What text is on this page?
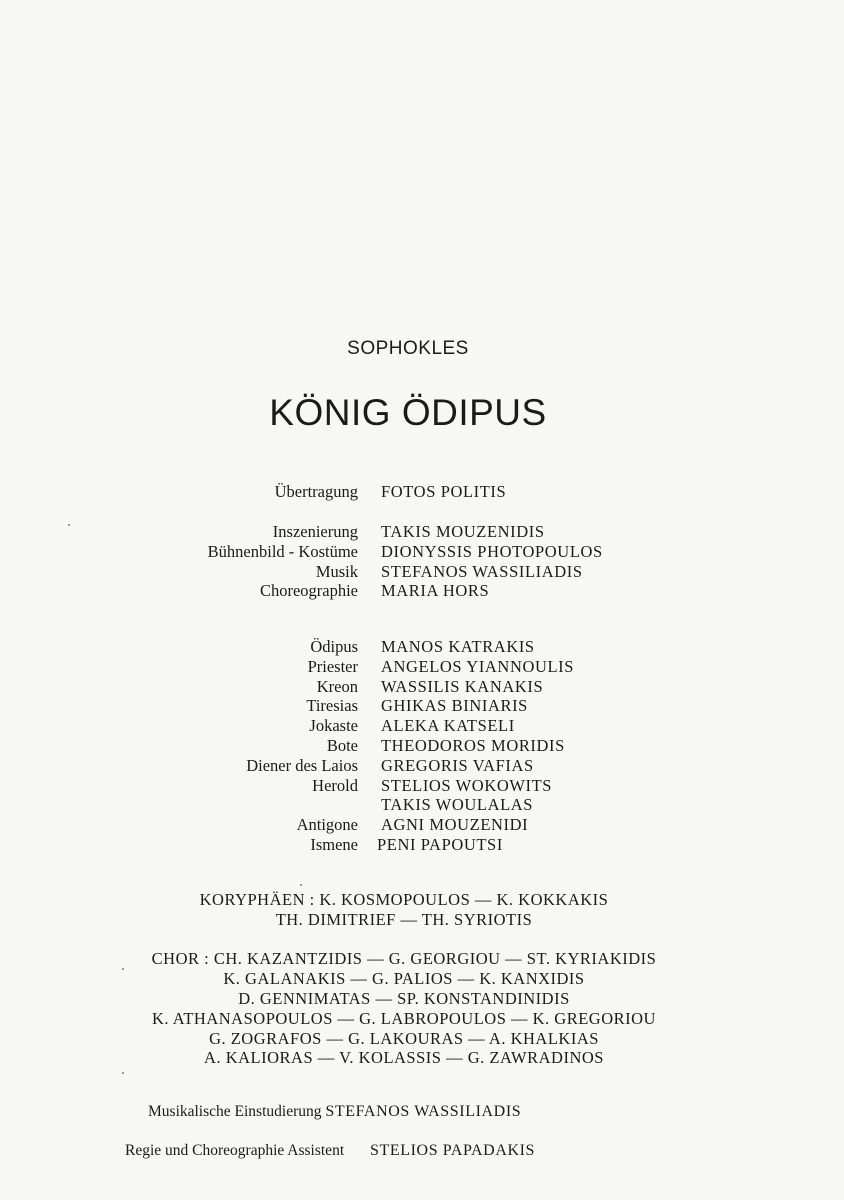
SOPHOKLES
KÖNIG ÖDIPUS
Übertragung FOTOS POLITIS
Inszenierung TAKIS MOUZENIDIS
Bühnenbild - Kostüme DIONYSSIS PHOTOPOULOS
Musik STEFANOS WASSILIADIS
Choreographie MARIA HORS
Ödipus MANOS KATRAKIS
Priester ANGELOS YIANNOULIS
Kreon WASSILIS KANAKIS
Tiresias GHIKAS BINIARIS
Jokaste ALEKA KATSELI
Bote THEODOROS MORIDIS
Diener des Laios GREGORIS VAFIAS
Herold STELIOS WOKOWITS
TAKIS WOULALAS
Antigone AGNI MOUZENIDI
Ismene PENI PAPOUTSI
KORYPHÄEN : K. KOSMOPOULOS — K. KOKKAKIS
TH. DIMITRIEF — TH. SYRIOTIS
CHOR : CH. KAZANTZIDIS — G. GEORGIOU — ST. KYRIAKIDIS
K. GALANAKIS — G. PALIOS — K. KANXIDIS
D. GENNIMATAS — SP. KONSTANDINIDIS
K. ATHANASOPOULOS — G. LABROPOULOS — K. GREGORIOU
G. ZOGRAFOS — G. LAKOURAS — A. KHALKIAS
A. KALIORAS — V. KOLASSIS — G. ZAWRADINOS
Musikalische Einstudierung STEFANOS WASSILIADIS
Regie und Choreographie Assistent STELIOS PAPADAKIS
